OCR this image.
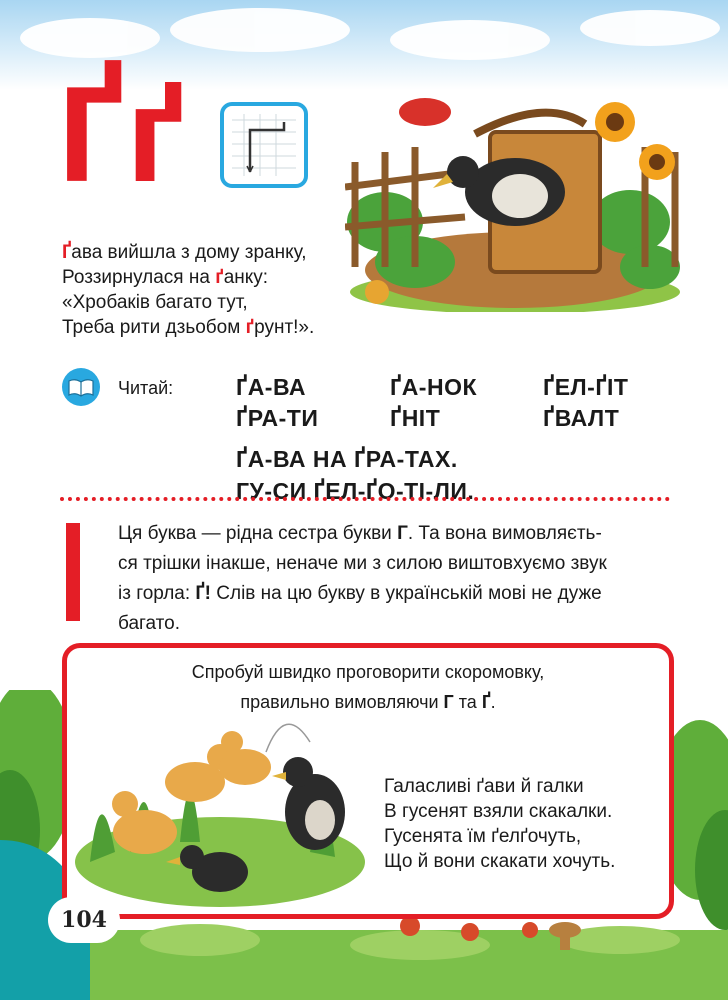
Ґґ
Ґава вийшла з дому зранку,
Роззирнулася на ґанку:
«Хробаків багато тут,
Треба рити дзьобом ґрунт!».
Читай:	ҐА-ВА	ҐА-НОК	ҐЕЛ-ҐІТ
ҐРА-ТИ	ҐНІТ	ҐВАЛТ
ҐА-ВА НА ҐРА-ТАХ.
ГУ-СИ ҐЕЛ-ҐО-ТІ-ЛИ.
Ця буква — рідна сестра букви Г. Та вона вимовляєть-
ся трішки інакше, неначе ми з силою виштовхуємо звук
із горла: Ґ! Слів на цю букву в українській мові не дуже
багато.
Спробуй швидко проговорити скоромовку,
правильно вимовляючи Г та Ґ.
Галасливі ґави й галки
В гусенят взяли скакалки.
Гусенята їм ґелґочуть,
Що й вони скакати хочуть.
104
